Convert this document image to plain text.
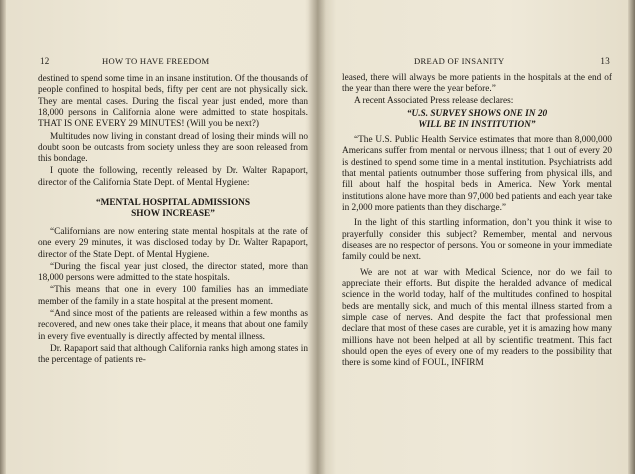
12	HOW TO HAVE FREEDOM

destined to spend some time in an insane institution. Of the thousands of people confined to hospital beds, fifty per cent are not physically sick. They are mental cases. During the fiscal year just ended, more than 18,000 persons in California alone were admitted to state hospitals. THAT IS ONE EVERY 29 MINUTES! (Will you be next?)

Multitudes now living in constant dread of losing their minds will no doubt soon be outcasts from society unless they are soon released from this bondage.

I quote the following, recently released by Dr. Walter Rapaport, director of the California State Dept. of Mental Hygiene:

“MENTAL HOSPITAL ADMISSIONS
SHOW INCREASE”

“Californians are now entering state mental hospitals at the rate of one every 29 minutes, it was disclosed today by Dr. Walter Rapaport, director of the State Dept. of Mental Hygiene.

“During the fiscal year just closed, the director stated, more than 18,000 persons were admitted to the state hospitals.

“This means that one in every 100 families has an immediate member of the family in a state hospital at the present moment.

“And since most of the patients are released within a few months as recovered, and new ones take their place, it means that about one family in every five eventually is directly affected by mental illness.

Dr. Rapaport said that although California ranks high among states in the percentage of patients re-

DREAD OF INSANITY	13

leased, there will always be more patients in the hospitals at the end of the year than there were the year before.”

A recent Associated Press release declares:

“U.S. SURVEY SHOWS ONE IN 20
WILL BE IN INSTITUTION”

“The U.S. Public Health Service estimates that more than 8,000,000 Americans suffer from mental or nervous illness; that 1 out of every 20 is destined to spend some time in a mental institution. Psychiatrists add that mental patients outnumber those suffering from physical ills, and fill about half the hospital beds in America. New York mental institutions alone have more than 97,000 bed patients and each year take in 2,000 more patients than they discharge.”

In the light of this startling information, don’t you think it wise to prayerfully consider this subject? Remember, mental and nervous diseases are no respector of persons. You or someone in your immediate family could be next.

We are not at war with Medical Science, nor do we fail to appreciate their efforts. But dispite the heralded advance of medical science in the world today, half of the multitudes confined to hospital beds are mentally sick, and much of this mental illness started from a simple case of nerves. And despite the fact that professional men declare that most of these cases are curable, yet it is amazing how many millions have not been helped at all by scientific treatment. This fact should open the eyes of every one of my readers to the possibility that there is some kind of FOUL, INFIRM
